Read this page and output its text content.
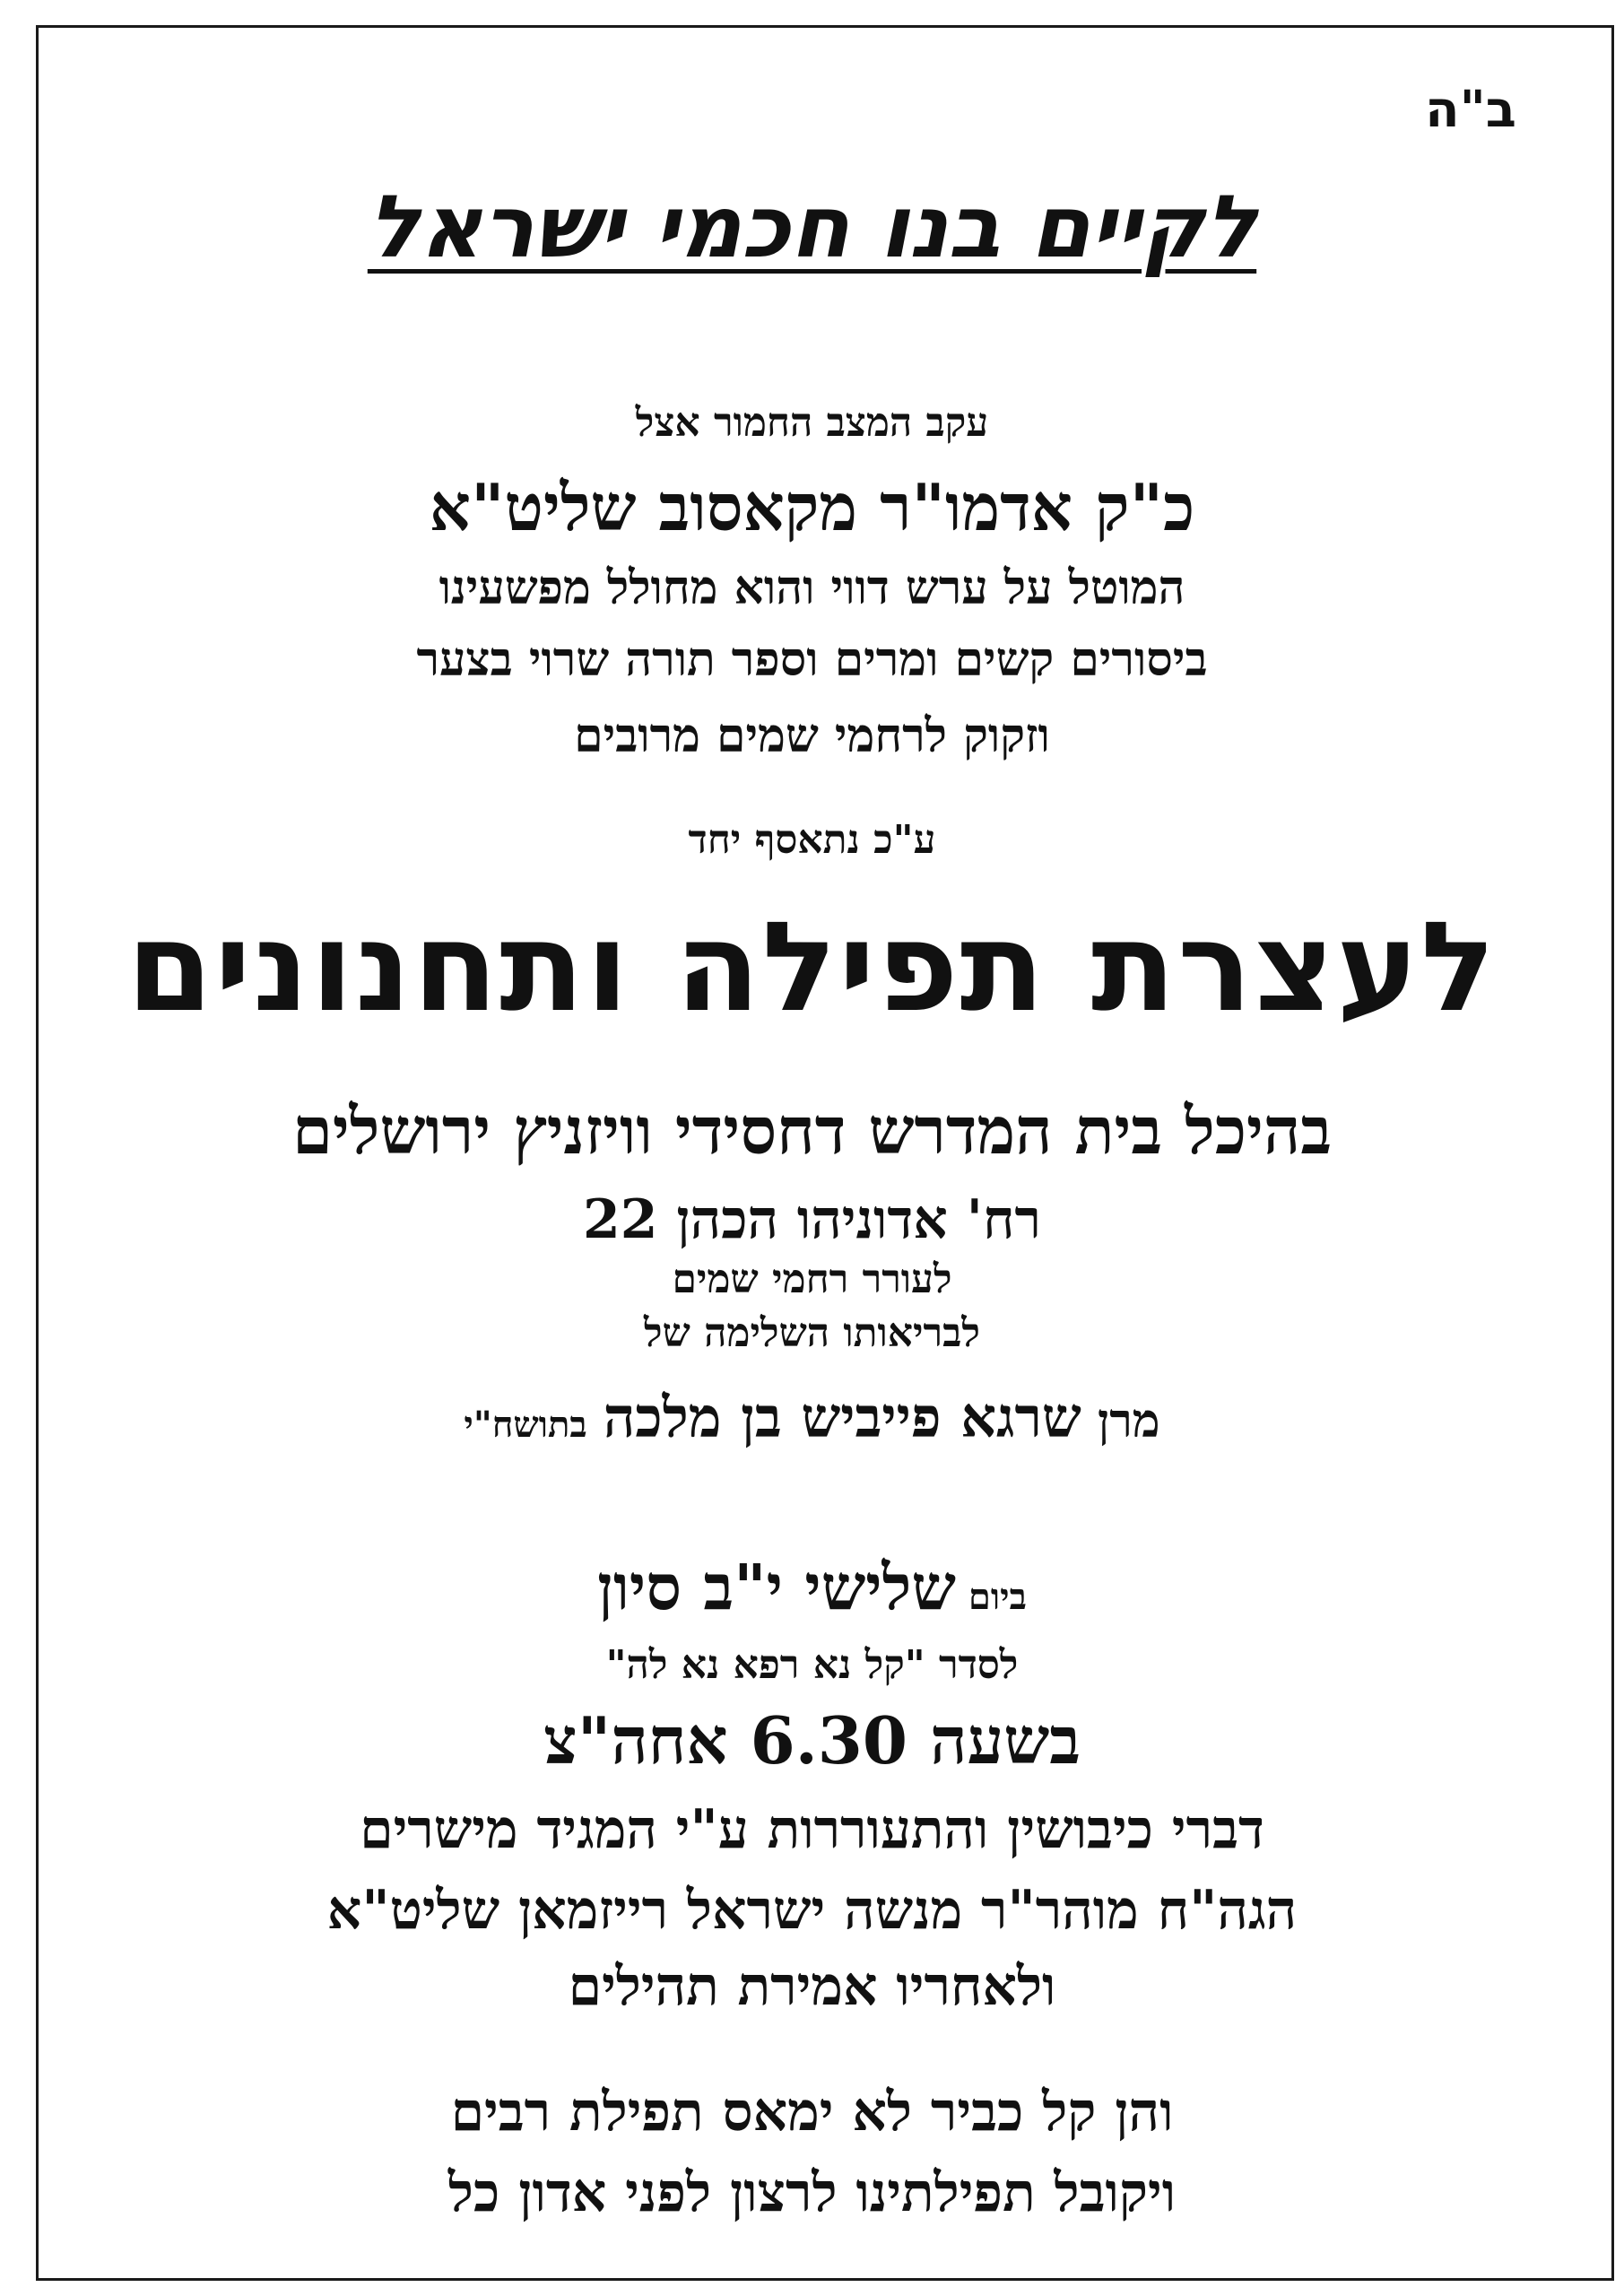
ב"ה
לקיים בנו חכמי ישראל
עקב המצב החמור אצל
כ"ק אדמו"ר מקאסוב שליט"א
המוטל על ערש דווי והוא מחולל מפשעינו
ביסורים קשים ומרים וספר תורה שרוי בצער
וזקוק לרחמי שמים מרובים
ע"כ נתאסף יחד
לעצרת תפילה ותחנונים
בהיכל בית המדרש דחסידי וויזניץ ירושלים
רח' אדוניהו הכהן 22
לעורר רחמי שמים
לבריאותו השלימה של
מרן שרגא פייביש בן מלכה בתושח"י
ביום שלישי י"ב סיון
לסדר "קל נא רפא נא לה"
בשעה 6.30 אחה"צ
דברי כיבושין והתעוררות ע"י המגיד מישרים
הגה"ח מוהר"ר מנשה ישראל רייזמאן שליט"א
ולאחריו אמירת תהילים
והן קל כביר לא ימאס תפילת רבים
ויקובל תפילתינו לרצון לפני אדון כל
